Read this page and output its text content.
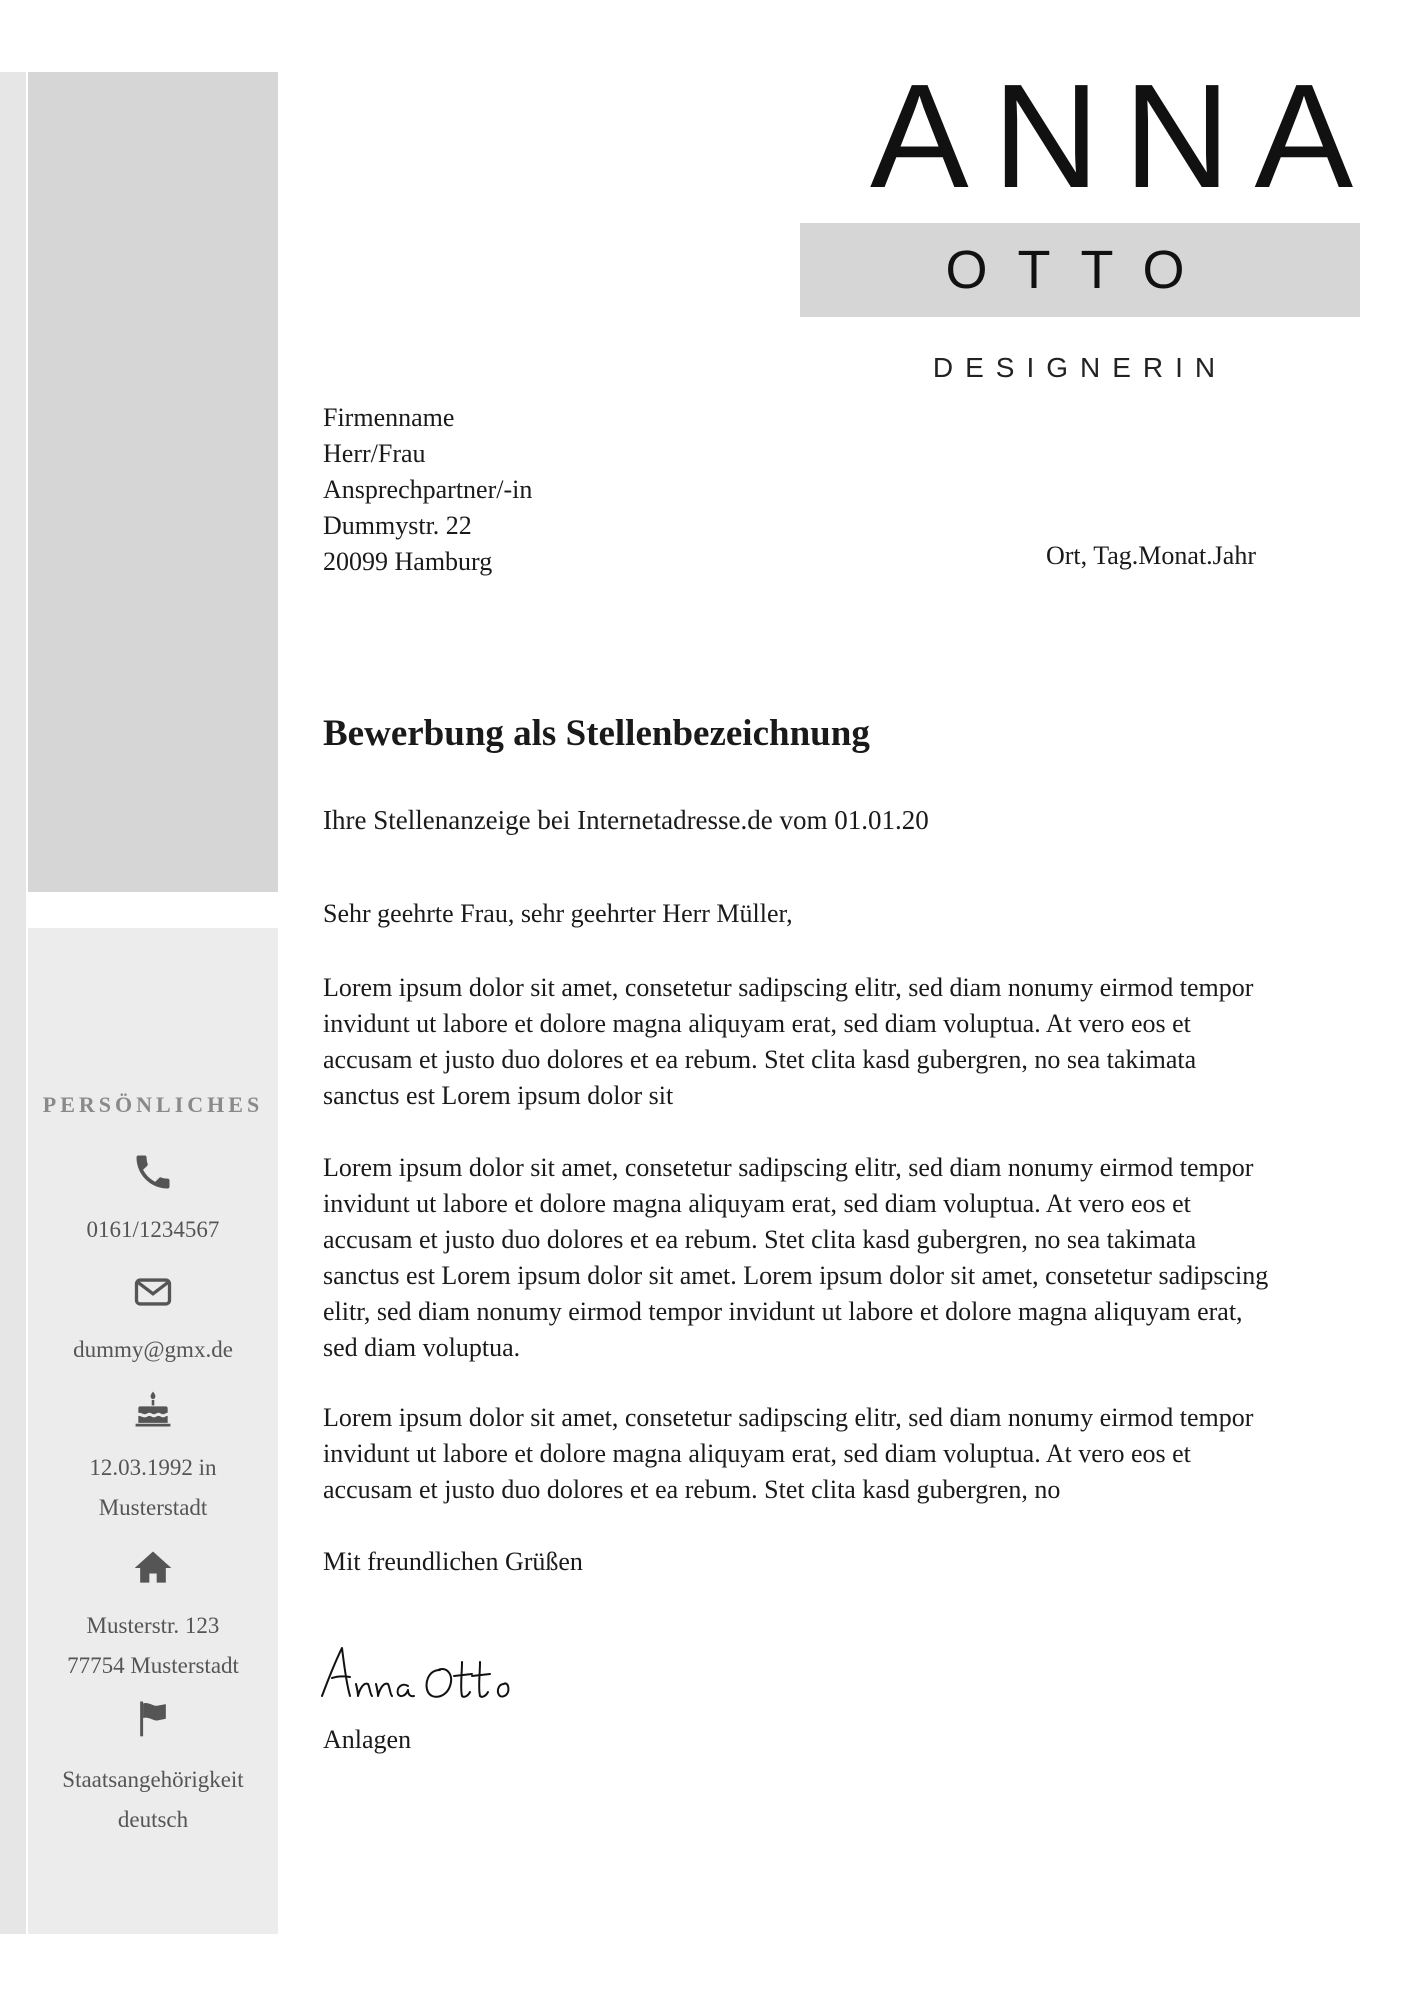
PERSÖNLICHES
0161/1234567
dummy@gmx.de
12.03.1992 in
Musterstadt
Musterstr. 123
77754 Musterstadt
Staatsangehörigkeit
deutsch
ANNA
OTTO
DESIGNERIN
Firmenname
Herr/Frau
Ansprechpartner/-in
Dummystr. 22
20099 Hamburg	Ort, Tag.Monat.Jahr
Bewerbung als Stellenbezeichnung
Ihre Stellenanzeige bei Internetadresse.de vom 01.01.20
Sehr geehrte Frau, sehr geehrter Herr Müller,
Lorem ipsum dolor sit amet, consetetur sadipscing elitr, sed diam nonumy eirmod tempor invidunt ut labore et dolore magna aliquyam erat, sed diam voluptua. At vero eos et accusam et justo duo dolores et ea rebum. Stet clita kasd gubergren, no sea takimata sanctus est Lorem ipsum dolor sit
Lorem ipsum dolor sit amet, consetetur sadipscing elitr, sed diam nonumy eirmod tempor invidunt ut labore et dolore magna aliquyam erat, sed diam voluptua. At vero eos et accusam et justo duo dolores et ea rebum. Stet clita kasd gubergren, no sea takimata sanctus est Lorem ipsum dolor sit amet. Lorem ipsum dolor sit amet, consetetur sadipscing elitr, sed diam nonumy eirmod tempor invidunt ut labore et dolore magna aliquyam erat, sed diam voluptua.
Lorem ipsum dolor sit amet, consetetur sadipscing elitr, sed diam nonumy eirmod tempor invidunt ut labore et dolore magna aliquyam erat, sed diam voluptua. At vero eos et accusam et justo duo dolores et ea rebum. Stet clita kasd gubergren, no
Mit freundlichen Grüßen
Anlagen
